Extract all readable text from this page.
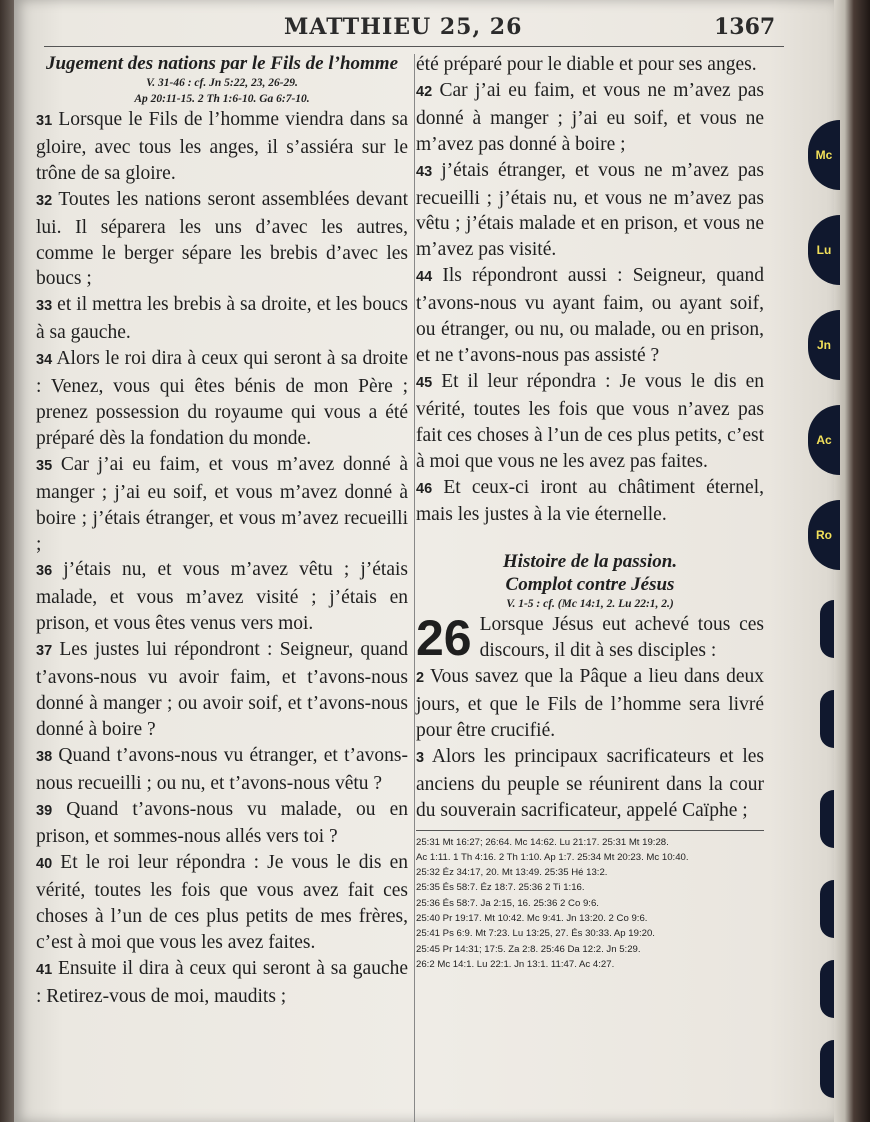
MATTHIEU 25, 26	1367

Jugement des nations par le Fils de l’homme

V. 31-46 : cf. Jn 5:22, 23, 26-29.

Ap 20:11-15. 2 Th 1:6-10. Ga 6:7-10.

31 Lorsque le Fils de l’homme viendra dans sa gloire, avec tous les anges, il s’assiéra sur le trône de sa gloire.

32 Toutes les nations seront assemblées devant lui. Il séparera les uns d’avec les autres, comme le berger sépare les brebis d’avec les boucs ;

33 et il mettra les brebis à sa droite, et les boucs à sa gauche.

34 Alors le roi dira à ceux qui seront à sa droite : Venez, vous qui êtes bénis de mon Père ; prenez possession du royaume qui vous a été préparé dès la fondation du monde.

35 Car j’ai eu faim, et vous m’avez donné à manger ; j’ai eu soif, et vous m’avez donné à boire ; j’étais étranger, et vous m’avez recueilli ;

36 j’étais nu, et vous m’avez vêtu ; j’étais malade, et vous m’avez visité ; j’étais en prison, et vous êtes venus vers moi.

37 Les justes lui répondront : Seigneur, quand t’avons-nous vu avoir faim, et t’avons-nous donné à manger ; ou avoir soif, et t’avons-nous donné à boire ?

38 Quand t’avons-nous vu étranger, et t’avons-nous recueilli ; ou nu, et t’avons-nous vêtu ?

39 Quand t’avons-nous vu malade, ou en prison, et sommes-nous allés vers toi ?

40 Et le roi leur répondra : Je vous le dis en vérité, toutes les fois que vous avez fait ces choses à l’un de ces plus petits de mes frères, c’est à moi que vous les avez faites.

41 Ensuite il dira à ceux qui seront à sa gauche : Retirez-vous de moi, maudits ;

été préparé pour le diable et pour ses anges.

42 Car j’ai eu faim, et vous ne m’avez pas donné à manger ; j’ai eu soif, et vous ne m’avez pas donné à boire ;

43 j’étais étranger, et vous ne m’avez pas recueilli ; j’étais nu, et vous ne m’avez pas vêtu ; j’étais malade et en prison, et vous ne m’avez pas visité.

44 Ils répondront aussi : Seigneur, quand t’avons-nous vu ayant faim, ou ayant soif, ou étranger, ou nu, ou malade, ou en prison, et ne t’avons-nous pas assisté ?

45 Et il leur répondra : Je vous le dis en vérité, toutes les fois que vous n’avez pas fait ces choses à l’un de ces plus petits, c’est à moi que vous ne les avez pas faites.

46 Et ceux-ci iront au châtiment éternel, mais les justes à la vie éternelle.

Histoire de la passion.

Complot contre Jésus

V. 1-5 : cf. (Mc 14:1, 2. Lu 22:1, 2.)

26 Lorsque Jésus eut achevé tous ces discours, il dit à ses disciples :

2 Vous savez que la Pâque a lieu dans deux jours, et que le Fils de l’homme sera livré pour être crucifié.

3 Alors les principaux sacrificateurs et les anciens du peuple se réunirent dans la cour du souverain sacrificateur, appelé Caïphe ;

25:31 Mt 16:27; 26:64. Mc 14:62. Lu 21:17. 25:31 Mt 19:28.

Ac 1:11. 1 Th 4:16. 2 Th 1:10. Ap 1:7. 25:34 Mt 20:23. Mc 10:40.

25:32 Éz 34:17, 20. Mt 13:49. 25:35 Hé 13:2.

25:35 És 58:7. Éz 18:7. 25:36 2 Ti 1:16.

25:36 És 58:7. Ja 2:15, 16. 25:36 2 Co 9:6.

25:40 Pr 19:17. Mt 10:42. Mc 9:41. Jn 13:20. 2 Co 9:6.

25:41 Ps 6:9. Mt 7:23. Lu 13:25, 27. És 30:33. Ap 19:20.

25:45 Pr 14:31; 17:5. Za 2:8. 25:46 Da 12:2. Jn 5:29.

26:2 Mc 14:1. Lu 22:1. Jn 13:1. 11:47. Ac 4:27.

Mc
Lu
Jn
Ac
Ro
